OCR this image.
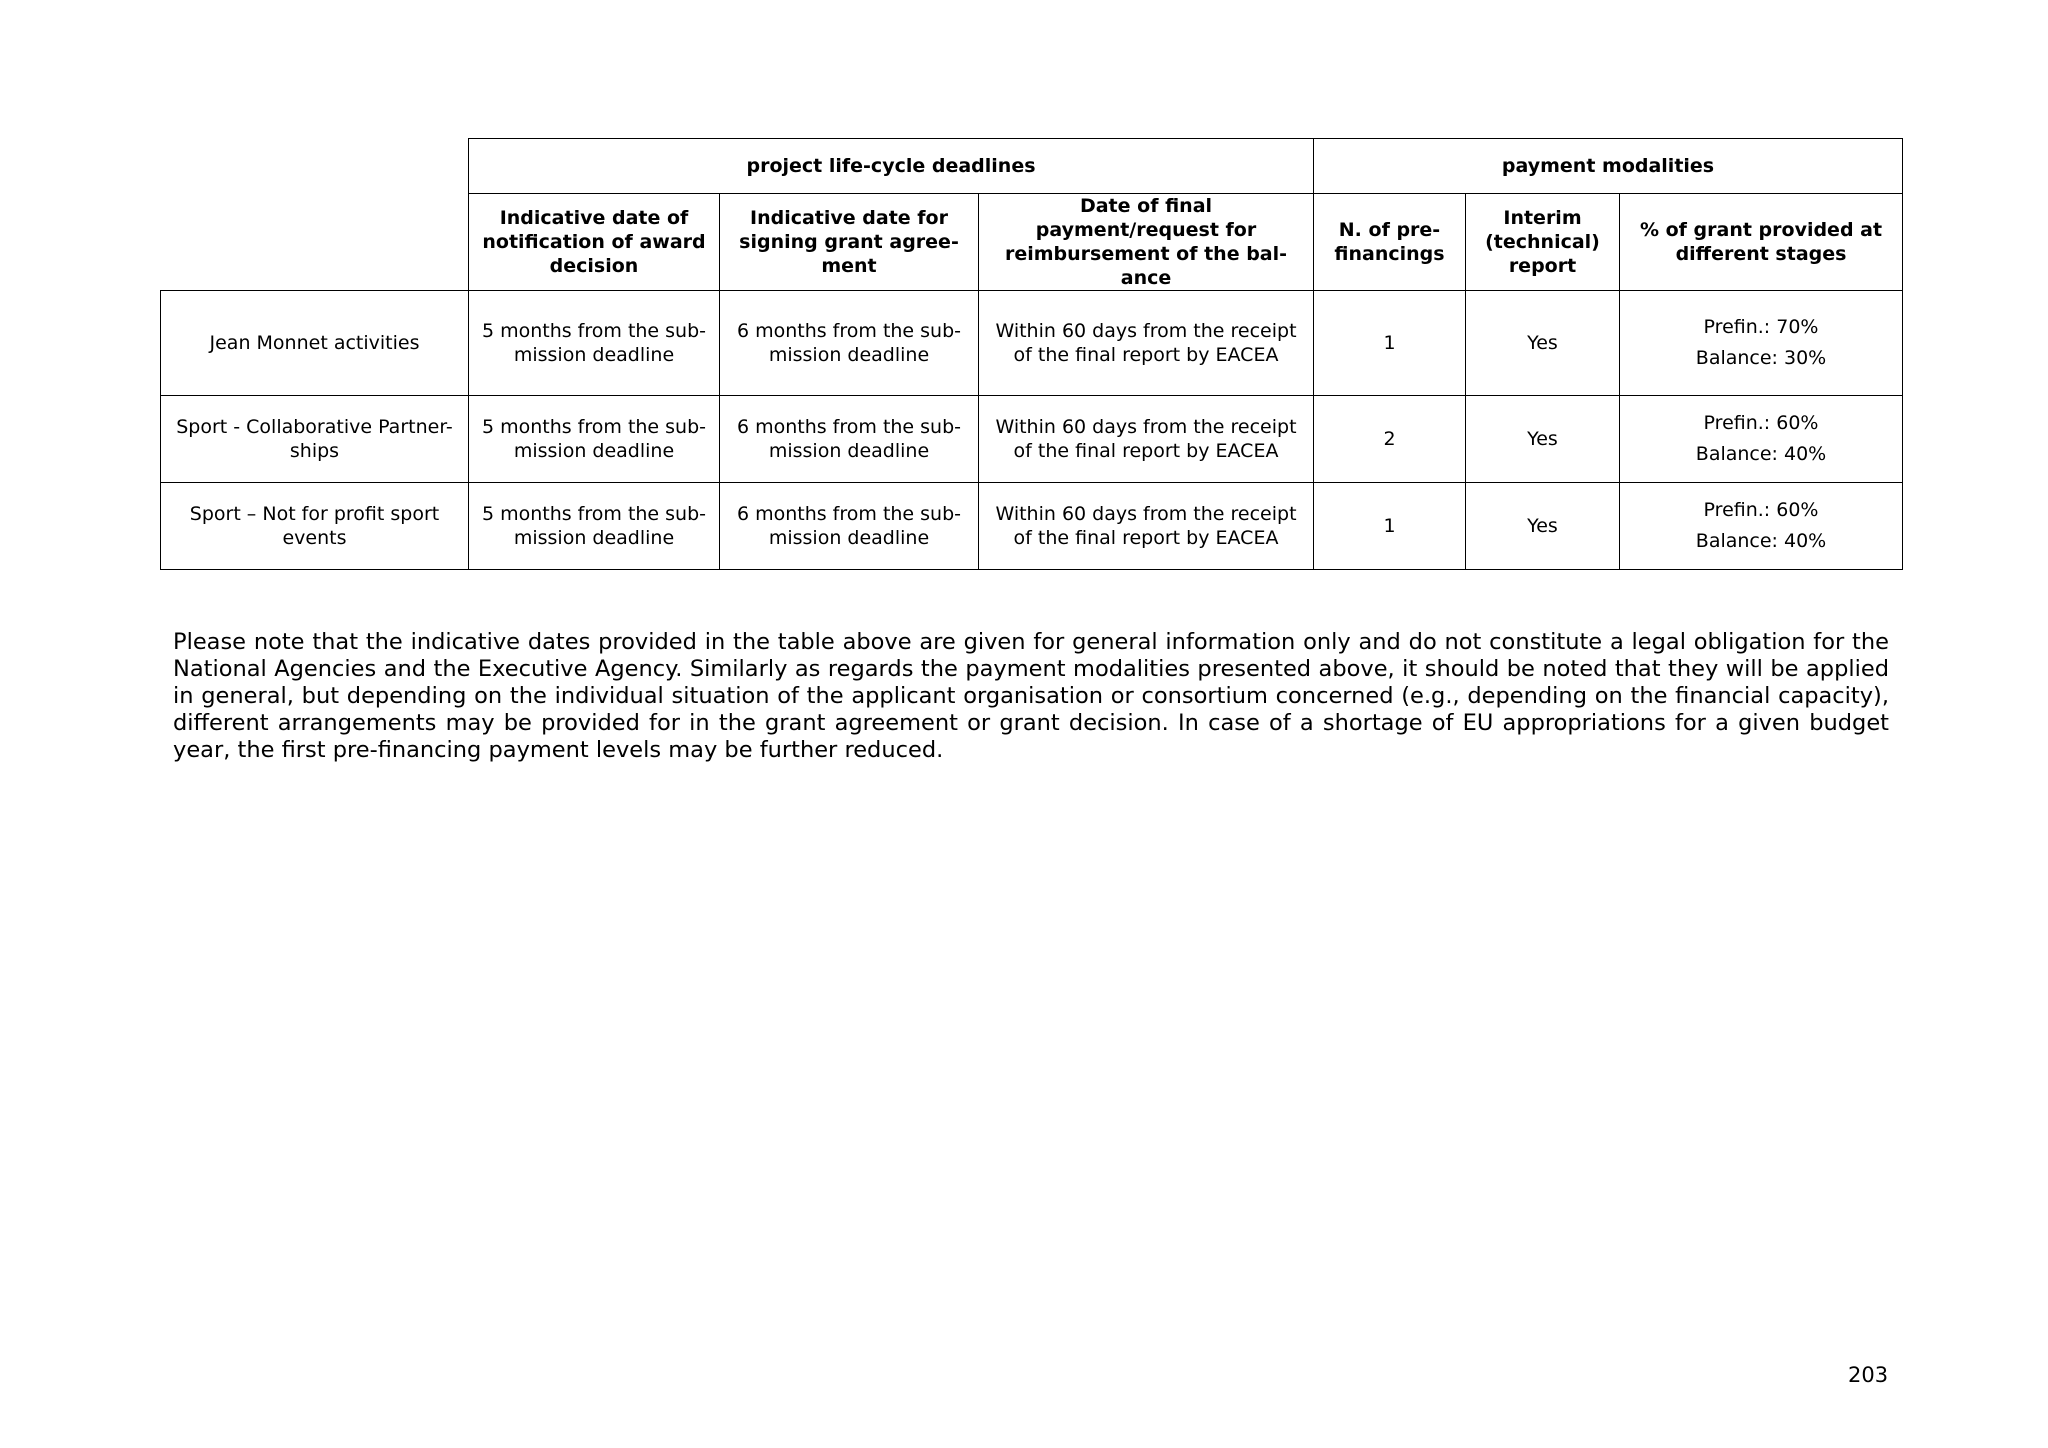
	project life-cycle deadlines			payment modalities		
	Indicative date of notification of award decision	Indicative date for signing grant agree-ment	Date of final payment/request for reimbursement of the bal-ance	N. of pre-financings	Interim (technical) report	% of grant provided at different stages
Jean Monnet activities	5 months from the sub-mission deadline	6 months from the sub-mission deadline	Within 60 days from the receipt of the final report by EACEA	1	Yes	Prefin.: 70%
Balance: 30%

Sport - Collaborative Partner-ships	5 months from the sub-mission deadline	6 months from the sub-mission deadline	Within 60 days from the receipt of the final report by EACEA	2	Yes	Prefin.: 60%
Balance: 40%

Sport – Not for profit sport events	5 months from the sub-mission deadline	6 months from the sub-mission deadline	Within 60 days from the receipt of the final report by EACEA	1	Yes	Prefin.: 60%
Balance: 40%

Please note that the indicative dates provided in the table above are given for general information only and do not constitute a legal obligation for the National Agencies and the Executive Agency. Similarly as regards the payment modalities presented above, it should be noted that they will be applied in general, but depending on the individual situation of the applicant organisation or consortium concerned (e.g., depending on the financial capacity), different arrangements may be provided for in the grant agreement or grant decision. In case of a shortage of EU appropriations for a given budget year, the first pre-financing payment levels may be further reduced.

203
